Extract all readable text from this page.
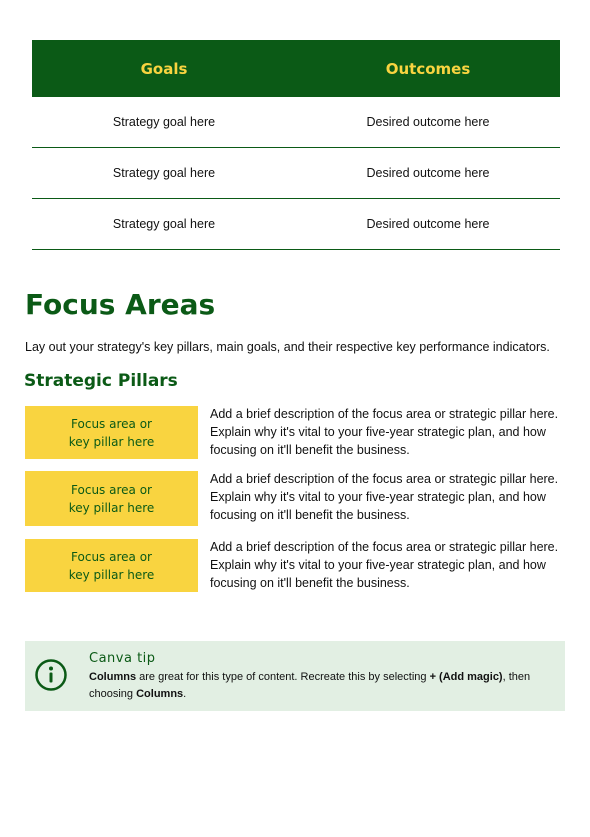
Goals	Outcomes
Strategy goal here	Desired outcome here
Strategy goal here	Desired outcome here
Strategy goal here	Desired outcome here
Focus Areas

Lay out your strategy's key pillars, main goals, and their respective key performance indicators.

Strategic Pillars
Focus area or
key pillar here
Add a brief description of the focus area or strategic pillar here. Explain why it's vital to your five-year strategic plan, and how focusing on it'll benefit the business.
Focus area or
key pillar here
Add a brief description of the focus area or strategic pillar here. Explain why it's vital to your five-year strategic plan, and how focusing on it'll benefit the business.
Focus area or
key pillar here
Add a brief description of the focus area or strategic pillar here. Explain why it's vital to your five-year strategic plan, and how focusing on it'll benefit the business.
Canva tip
Columns are great for this type of content. Recreate this by selecting + (Add magic), then choosing Columns.
